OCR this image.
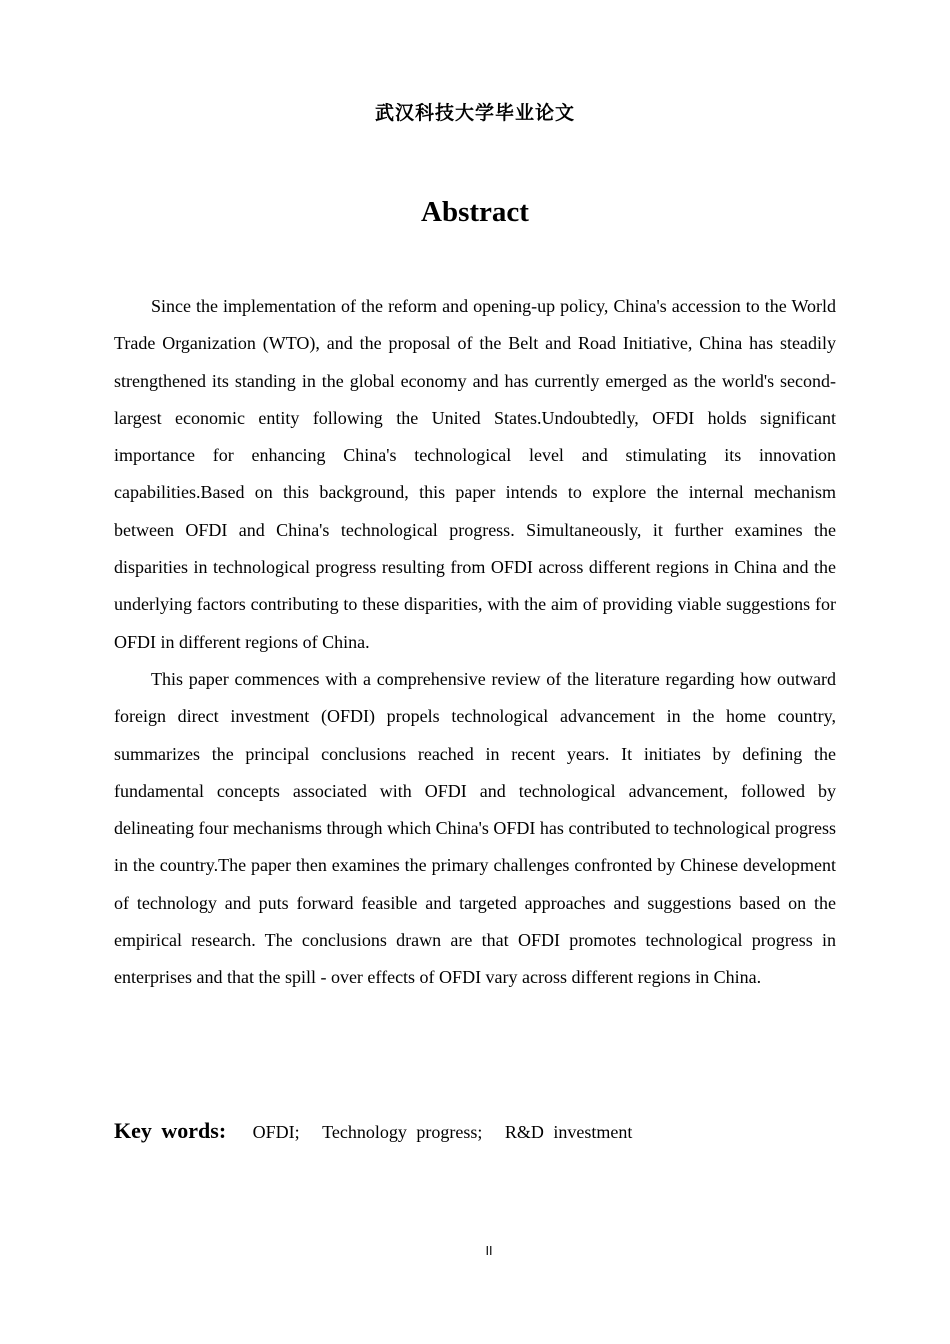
武汉科技大学毕业论文
Abstract

Since the implementation of the reform and opening-up policy, China's accession to the World Trade Organization (WTO), and the proposal of the Belt and Road Initiative, China has steadily strengthened its standing in the global economy and has currently emerged as the world's second-largest economic entity following the United States.Undoubtedly, OFDI holds significant importance for enhancing China's technological level and stimulating its innovation capabilities.Based on this background, this paper intends to explore the internal mechanism between OFDI and China's technological progress. Simultaneously, it further examines the disparities in technological progress resulting from OFDI across different regions in China and the underlying factors contributing to these disparities, with the aim of providing viable suggestions for OFDI in different regions of China.

This paper commences with a comprehensive review of the literature regarding how outward foreign direct investment (OFDI) propels technological advancement in the home country, summarizes the principal conclusions reached in recent years. It initiates by defining the fundamental concepts associated with OFDI and technological advancement, followed by delineating four mechanisms through which China's OFDI has contributed to technological progress in the country.The paper then examines the primary challenges confronted by Chinese development of technology and puts forward feasible and targeted approaches and suggestions based on the empirical research. The conclusions drawn are that OFDI promotes technological progress in enterprises and that the spill - over effects of OFDI vary across different regions in China.

Key words: OFDI; Technology progress; R&D investment
II
